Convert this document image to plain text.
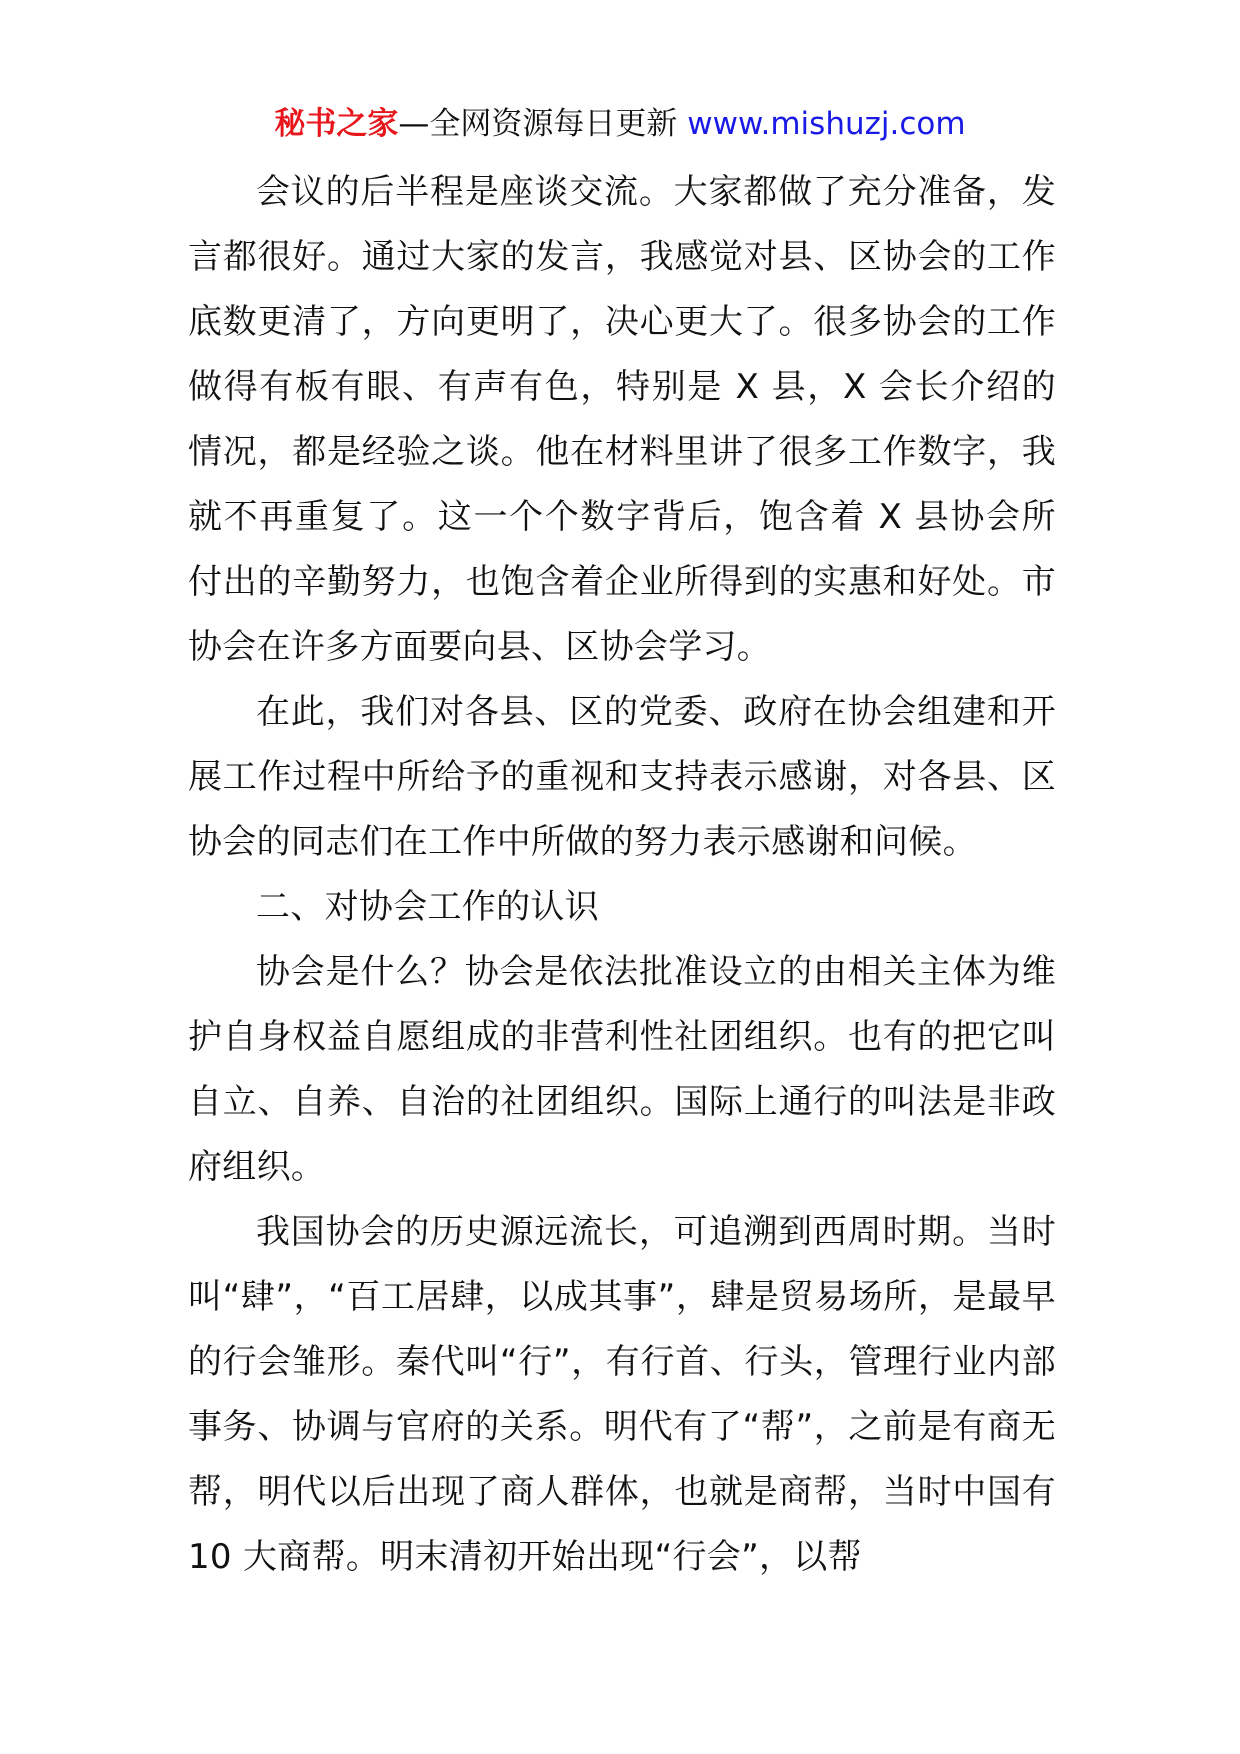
秘书之家—全网资源每日更新 www.mishuzj.com

会议的后半程是座谈交流。大家都做了充分准备，发言都很好。通过大家的发言，我感觉对县、区协会的工作底数更清了，方向更明了，决心更大了。很多协会的工作做得有板有眼、有声有色，特别是 X 县，X 会长介绍的情况，都是经验之谈。他在材料里讲了很多工作数字，我就不再重复了。这一个个数字背后，饱含着 X 县协会所付出的辛勤努力，也饱含着企业所得到的实惠和好处。市协会在许多方面要向县、区协会学习。

在此，我们对各县、区的党委、政府在协会组建和开展工作过程中所给予的重视和支持表示感谢，对各县、区协会的同志们在工作中所做的努力表示感谢和问候。

二、对协会工作的认识

协会是什么？协会是依法批准设立的由相关主体为维护自身权益自愿组成的非营利性社团组织。也有的把它叫自立、自养、自治的社团组织。国际上通行的叫法是非政府组织。

我国协会的历史源远流长，可追溯到西周时期。当时叫“肆”，“百工居肆，以成其事”，肆是贸易场所，是最早的行会雏形。秦代叫“行”，有行首、行头，管理行业内部事务、协调与官府的关系。明代有了“帮”，之前是有商无帮，明代以后出现了商人群体，也就是商帮，当时中国有 10 大商帮。明末清初开始出现“行会”，以帮
